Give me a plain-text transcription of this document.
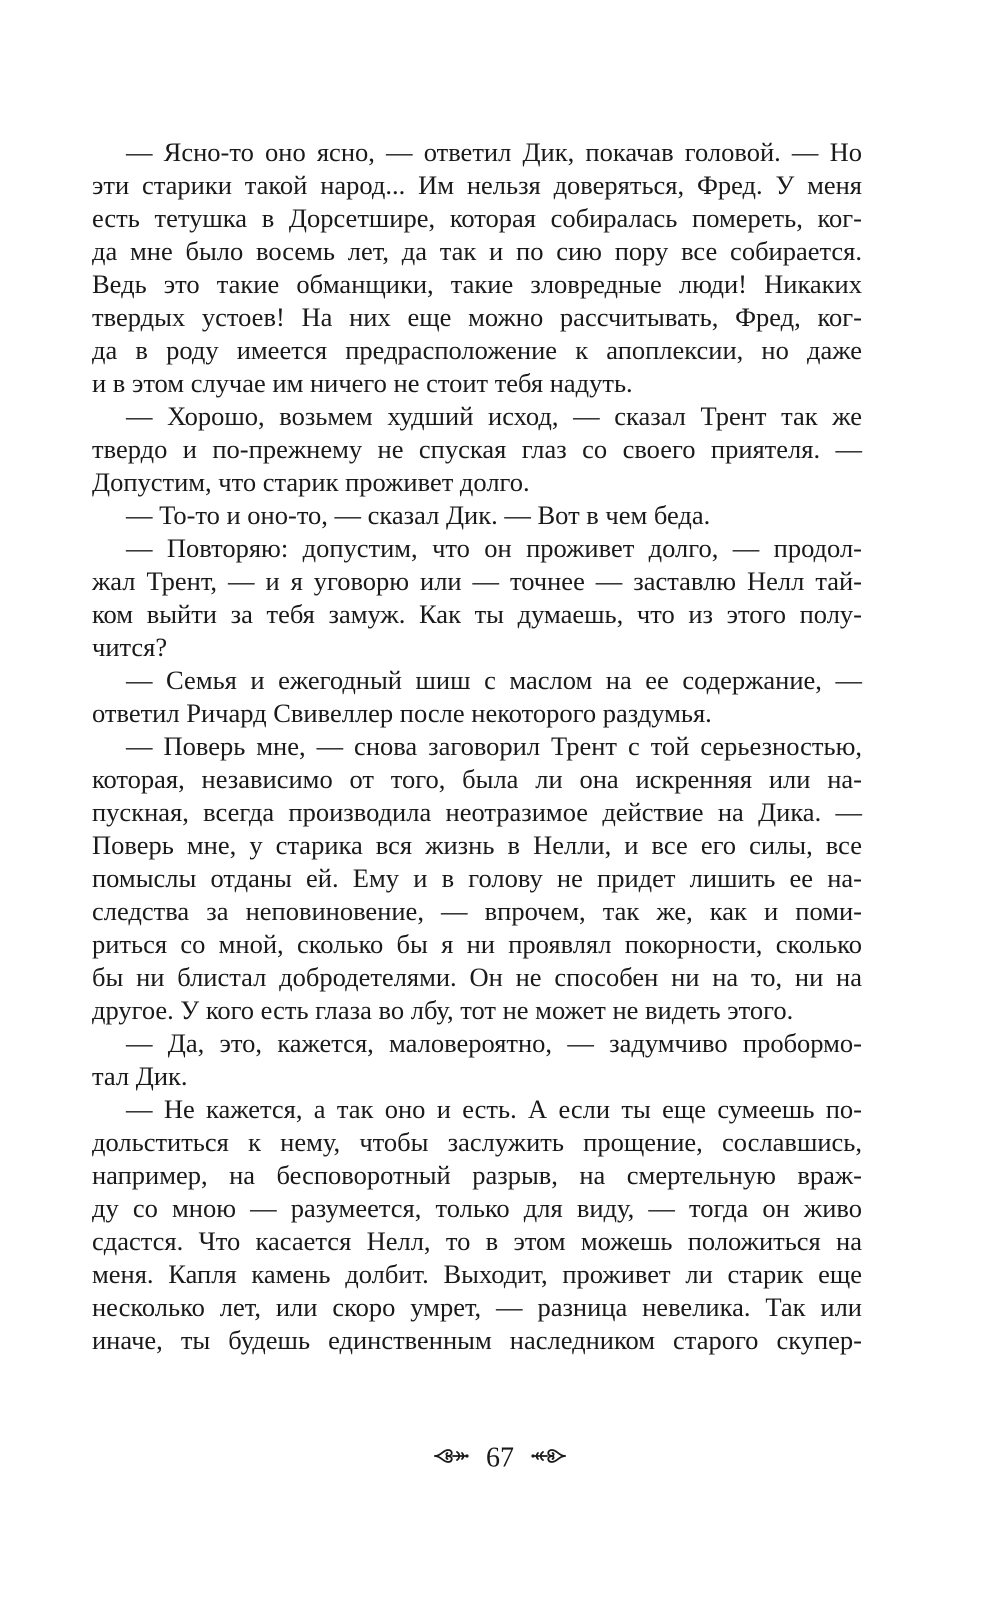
— Ясно-то оно ясно, — ответил Дик, покачав головой. — Но
эти старики такой народ... Им нельзя доверяться, Фред. У меня
есть тетушка в Дорсетшире, которая собиралась помереть, ког-
да мне было восемь лет, да так и по сию пору все собирается.
Ведь это такие обманщики, такие зловредные люди! Никаких
твердых устоев! На них еще можно рассчитывать, Фред, ког-
да в роду имеется предрасположение к апоплексии, но даже
и в этом случае им ничего не стоит тебя надуть.
— Хорошо, возьмем худший исход, — сказал Трент так же
твердо и по-прежнему не спуская глаз со своего приятеля. —
Допустим, что старик проживет долго.
— То-то и оно-то, — сказал Дик. — Вот в чем беда.
— Повторяю: допустим, что он проживет долго, — продол-
жал Трент, — и я уговорю или — точнее — заставлю Нелл тай-
ком выйти за тебя замуж. Как ты думаешь, что из этого полу-
чится?
— Семья и ежегодный шиш с маслом на ее содержание, —
ответил Ричард Свивеллер после некоторого раздумья.
— Поверь мне, — снова заговорил Трент с той серьезностью,
которая, независимо от того, была ли она искренняя или на-
пускная, всегда производила неотразимое действие на Дика. —
Поверь мне, у старика вся жизнь в Нелли, и все его силы, все
помыслы отданы ей. Ему и в голову не придет лишить ее на-
следства за неповиновение, — впрочем, так же, как и поми-
риться со мной, сколько бы я ни проявлял покорности, сколько
бы ни блистал добродетелями. Он не способен ни на то, ни на
другое. У кого есть глаза во лбу, тот не может не видеть этого.
— Да, это, кажется, маловероятно, — задумчиво пробормо-
тал Дик.
— Не кажется, а так оно и есть. А если ты еще сумеешь по-
дольститься к нему, чтобы заслужить прощение, сославшись,
например, на бесповоротный разрыв, на смертельную враж-
ду со мною — разумеется, только для виду, — тогда он живо
сдастся. Что касается Нелл, то в этом можешь положиться на
меня. Капля камень долбит. Выходит, проживет ли старик еще
несколько лет, или скоро умрет, — разница невелика. Так или
иначе, ты будешь единственным наследником старого скупер-
67
